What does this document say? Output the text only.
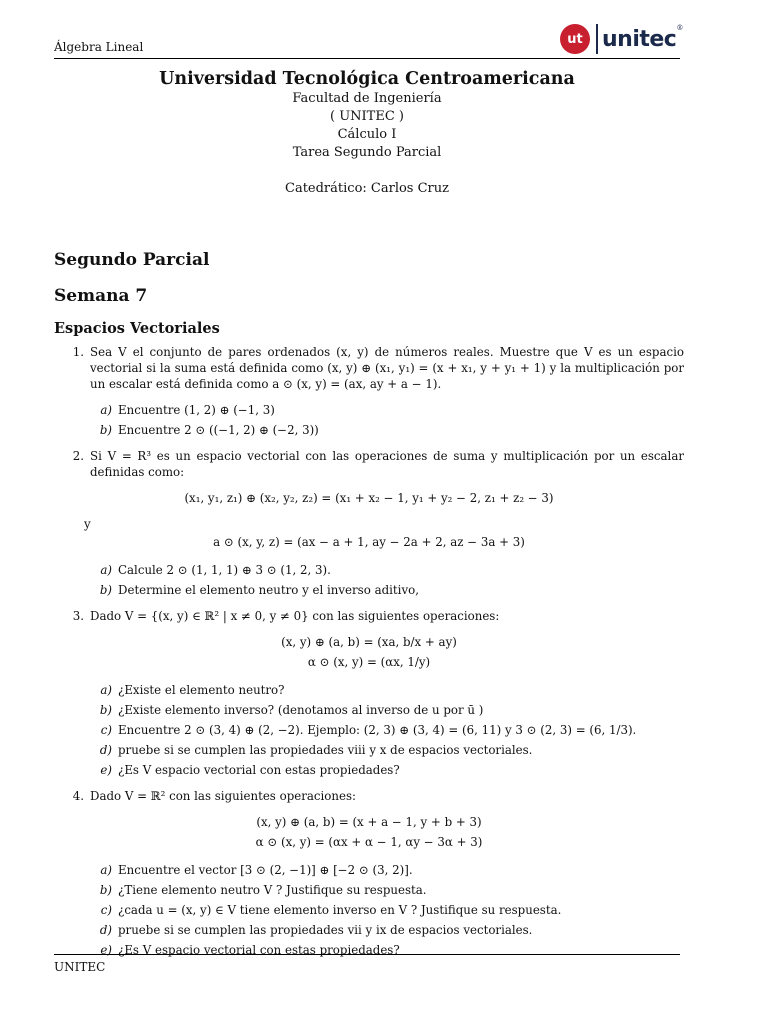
Álgebra Lineal
ut unitec ®

Universidad Tecnológica Centroamericana

Facultad de Ingeniería

( UNITEC )

Cálculo I

Tarea Segundo Parcial

Catedrático: Carlos Cruz

Segundo Parcial
Semana 7
Espacios Vectoriales
1. Sea V el conjunto de pares ordenados (x, y) de números reales. Muestre que V es un espacio vectorial si la suma está definida como (x, y) ⊕ (x₁, y₁) = (x + x₁, y + y₁ + 1) y la multiplicación por un escalar está definida como a ⊙ (x, y) = (ax, ay + a − 1).
a) Encuentre (1, 2) ⊕ (−1, 3)
b) Encuentre 2 ⊙ ((−1, 2) ⊕ (−2, 3))
2. Si V = R³ es un espacio vectorial con las operaciones de suma y multiplicación por un escalar definidas como:
(x₁, y₁, z₁) ⊕ (x₂, y₂, z₂) = (x₁ + x₂ − 1, y₁ + y₂ − 2, z₁ + z₂ − 3)
y
a ⊙ (x, y, z) = (ax − a + 1, ay − 2a + 2, az − 3a + 3)
a) Calcule 2 ⊙ (1, 1, 1) ⊕ 3 ⊙ (1, 2, 3).
b) Determine el elemento neutro y el inverso aditivo,
3. Dado V = {(x, y) ∈ ℝ² | x ≠ 0, y ≠ 0} con las siguientes operaciones:
(x, y) ⊕ (a, b) = (xa, b/x + ay)
α ⊙ (x, y) = (αx, 1/y)
a) ¿Existe el elemento neutro?
b) ¿Existe elemento inverso? (denotamos al inverso de u por ū )
c) Encuentre 2 ⊙ (3, 4) ⊕ (2, −2). Ejemplo: (2, 3) ⊕ (3, 4) = (6, 11) y 3 ⊙ (2, 3) = (6, 1/3).
d) pruebe si se cumplen las propiedades viii y x de espacios vectoriales.
e) ¿Es V espacio vectorial con estas propiedades?
4. Dado V = ℝ² con las siguientes operaciones:
(x, y) ⊕ (a, b) = (x + a − 1, y + b + 3)
α ⊙ (x, y) = (αx + α − 1, αy − 3α + 3)
a) Encuentre el vector [3 ⊙ (2, −1)] ⊕ [−2 ⊙ (3, 2)].
b) ¿Tiene elemento neutro V ? Justifique su respuesta.
c) ¿cada u = (x, y) ∈ V tiene elemento inverso en V ? Justifique su respuesta.
d) pruebe si se cumplen las propiedades vii y ix de espacios vectoriales.
e) ¿Es V espacio vectorial con estas propiedades?
UNITEC
